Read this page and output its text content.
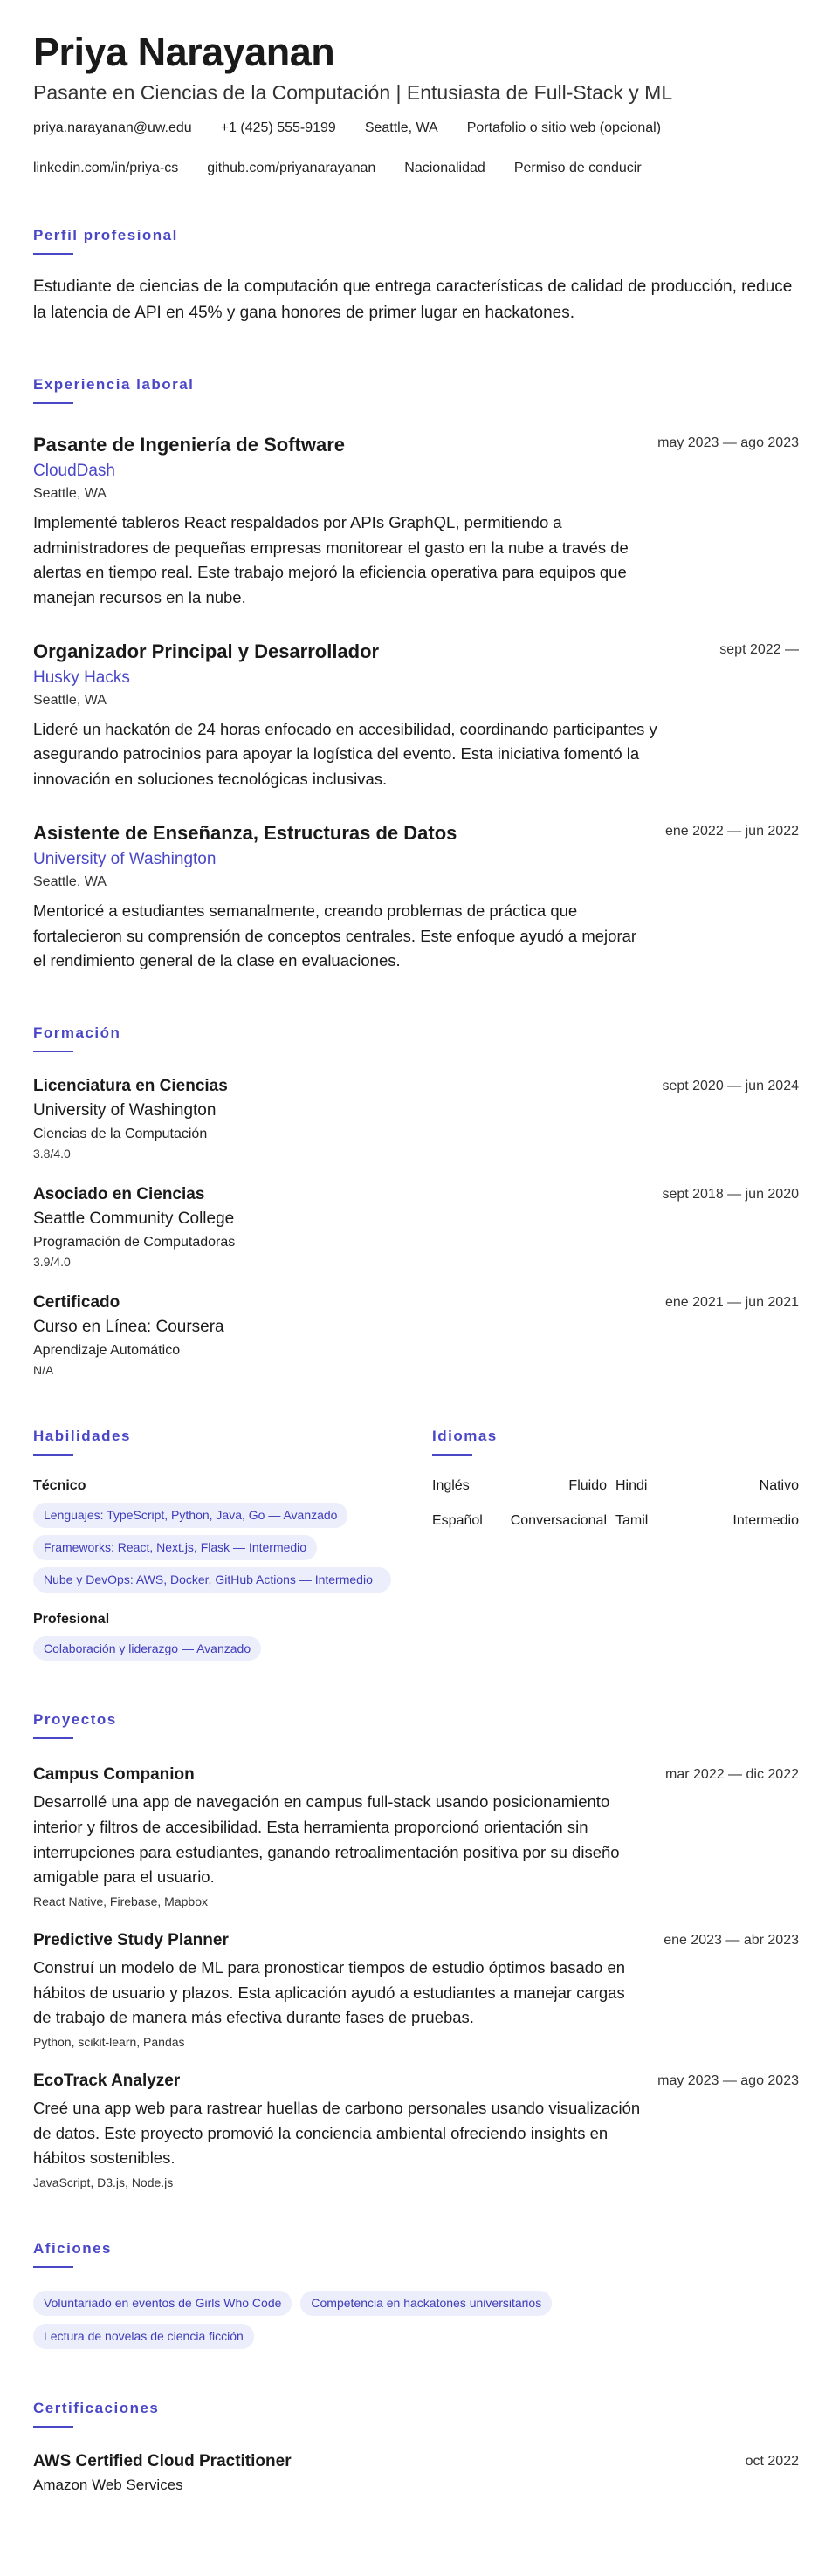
Priya Narayanan
Pasante en Ciencias de la Computación | Entusiasta de Full-Stack y ML
priya.narayanan@uw.edu +1 (425) 555-9199 Seattle, WA Portafolio o sitio web (opcional)
linkedin.com/in/priya-cs github.com/priyanarayanan Nacionalidad Permiso de conducir
Perfil profesional

Estudiante de ciencias de la computación que entrega características de calidad de producción, reduce la latencia de API en 45% y gana honores de primer lugar en hackatones.

Experiencia laboral
may 2023 — ago 2023
Pasante de Ingeniería de Software
CloudDash
Seattle, WA

Implementé tableros React respaldados por APIs GraphQL, permitiendo a administradores de pequeñas empresas monitorear el gasto en la nube a través de alertas en tiempo real. Este trabajo mejoró la eficiencia operativa para equipos que manejan recursos en la nube.

sept 2022 —
Organizador Principal y Desarrollador
Husky Hacks
Seattle, WA

Lideré un hackatón de 24 horas enfocado en accesibilidad, coordinando participantes y asegurando patrocinios para apoyar la logística del evento. Esta iniciativa fomentó la innovación en soluciones tecnológicas inclusivas.

ene 2022 — jun 2022
Asistente de Enseñanza, Estructuras de Datos
University of Washington
Seattle, WA

Mentoricé a estudiantes semanalmente, creando problemas de práctica que fortalecieron su comprensión de conceptos centrales. Este enfoque ayudó a mejorar el rendimiento general de la clase en evaluaciones.

Formación
sept 2020 — jun 2024
Licenciatura en Ciencias
University of Washington
Ciencias de la Computación
3.8/4.0
sept 2018 — jun 2020
Asociado en Ciencias
Seattle Community College
Programación de Computadoras
3.9/4.0
ene 2021 — jun 2021
Certificado
Curso en Línea: Coursera
Aprendizaje Automático
N/A
Habilidades
Técnico
Lenguajes: TypeScript, Python, Java, Go — Avanzado
Frameworks: React, Next.js, Flask — Intermedio
Nube y DevOps: AWS, Docker, GitHub Actions — Intermedio
Profesional
Colaboración y liderazgo — Avanzado
Idiomas
Inglés	Fluido Hindi	Nativo
Español Conversacional Tamil	Intermedio
Proyectos
mar 2022 — dic 2022
Campus Companion

Desarrollé una app de navegación en campus full-stack usando posicionamiento interior y filtros de accesibilidad. Esta herramienta proporcionó orientación sin interrupciones para estudiantes, ganando retroalimentación positiva por su diseño amigable para el usuario.

React Native, Firebase, Mapbox
ene 2023 — abr 2023
Predictive Study Planner

Construí un modelo de ML para pronosticar tiempos de estudio óptimos basado en hábitos de usuario y plazos. Esta aplicación ayudó a estudiantes a manejar cargas de trabajo de manera más efectiva durante fases de pruebas.

Python, scikit-learn, Pandas
may 2023 — ago 2023
EcoTrack Analyzer

Creé una app web para rastrear huellas de carbono personales usando visualización de datos. Este proyecto promovió la conciencia ambiental ofreciendo insights en hábitos sostenibles.

JavaScript, D3.js, Node.js
Aficiones
Voluntariado en eventos de Girls Who Code	Competencia en hackatones universitarios
Lectura de novelas de ciencia ficción
Certificaciones
oct 2022
AWS Certified Cloud Practitioner
Amazon Web Services
